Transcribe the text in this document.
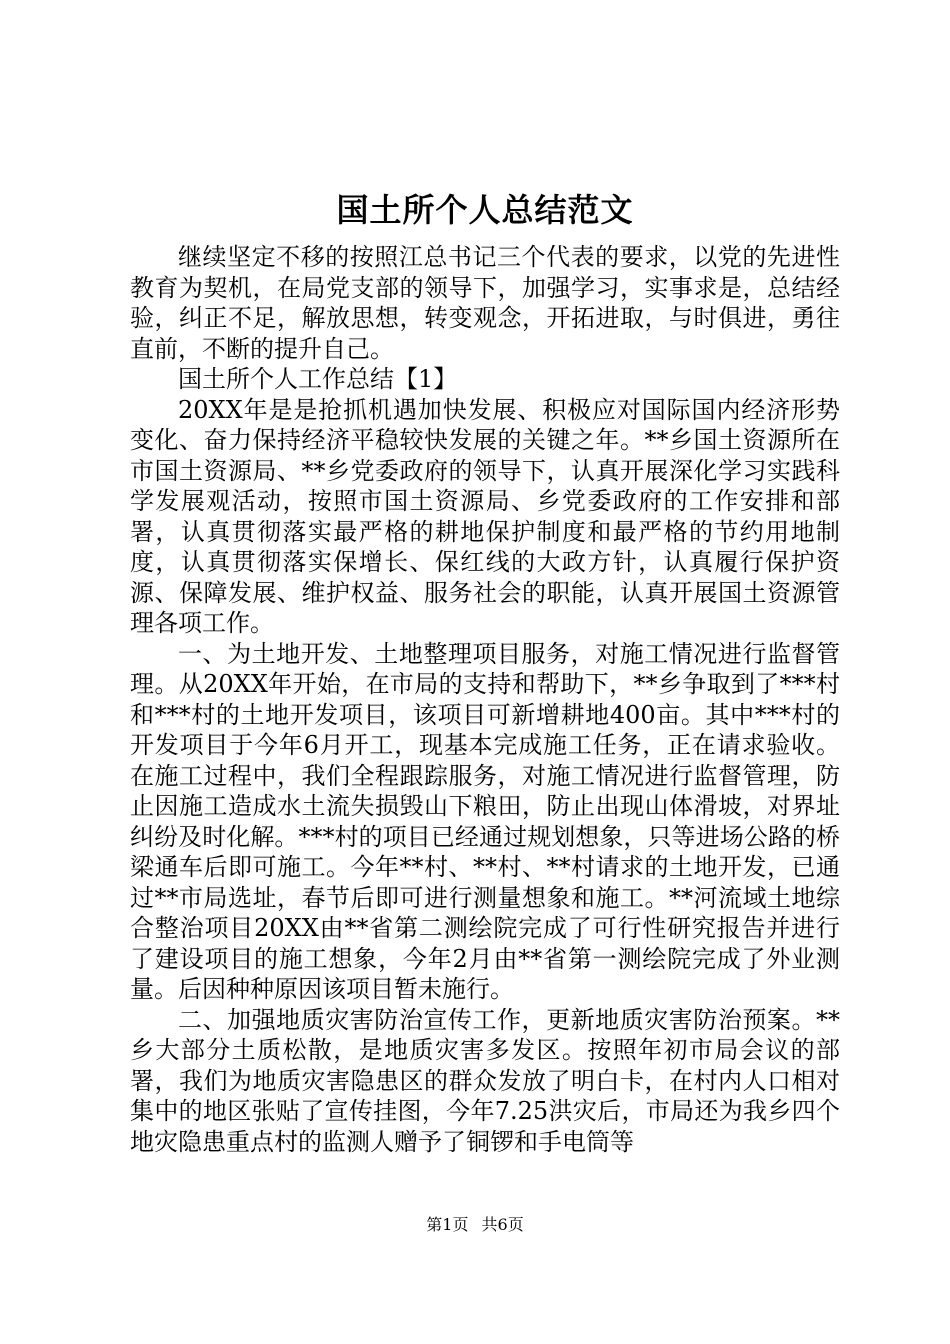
国土所个人总结范文

继续坚定不移的按照江总书记三个代表的要求，以党的先进性教育为契机，在局党支部的领导下，加强学习，实事求是，总结经验，纠正不足，解放思想，转变观念，开拓进取，与时俱进，勇往直前，不断的提升自己。

国土所个人工作总结【1】

20XX年是是抢抓机遇加快发展、积极应对国际国内经济形势变化、奋力保持经济平稳较快发展的关键之年。**乡国土资源所在市国土资源局、**乡党委政府的领导下，认真开展深化学习实践科学发展观活动，按照市国土资源局、乡党委政府的工作安排和部署，认真贯彻落实最严格的耕地保护制度和最严格的节约用地制度，认真贯彻落实保增长、保红线的大政方针，认真履行保护资源、保障发展、维护权益、服务社会的职能，认真开展国土资源管理各项工作。

一、为土地开发、土地整理项目服务，对施工情况进行监督管理。从20XX年开始，在市局的支持和帮助下，**乡争取到了***村和***村的土地开发项目，该项目可新增耕地400亩。其中***村的开发项目于今年6月开工，现基本完成施工任务，正在请求验收。在施工过程中，我们全程跟踪服务，对施工情况进行监督管理，防止因施工造成水土流失损毁山下粮田，防止出现山体滑坡，对界址纠纷及时化解。***村的项目已经通过规划想象，只等进场公路的桥梁通车后即可施工。今年**村、**村、**村请求的土地开发，已通过**市局选址，春节后即可进行测量想象和施工。**河流域土地综合整治项目20XX由**省第二测绘院完成了可行性研究报告并进行了建设项目的施工想象，今年2月由**省第一测绘院完成了外业测量。后因种种原因该项目暂未施行。

二、加强地质灾害防治宣传工作，更新地质灾害防治预案。**乡大部分土质松散，是地质灾害多发区。按照年初市局会议的部署，我们为地质灾害隐患区的群众发放了明白卡，在村内人口相对集中的地区张贴了宣传挂图，今年7.25洪灾后，市局还为我乡四个地灾隐患重点村的监测人赠予了铜锣和手电筒等

第1页 共6页
